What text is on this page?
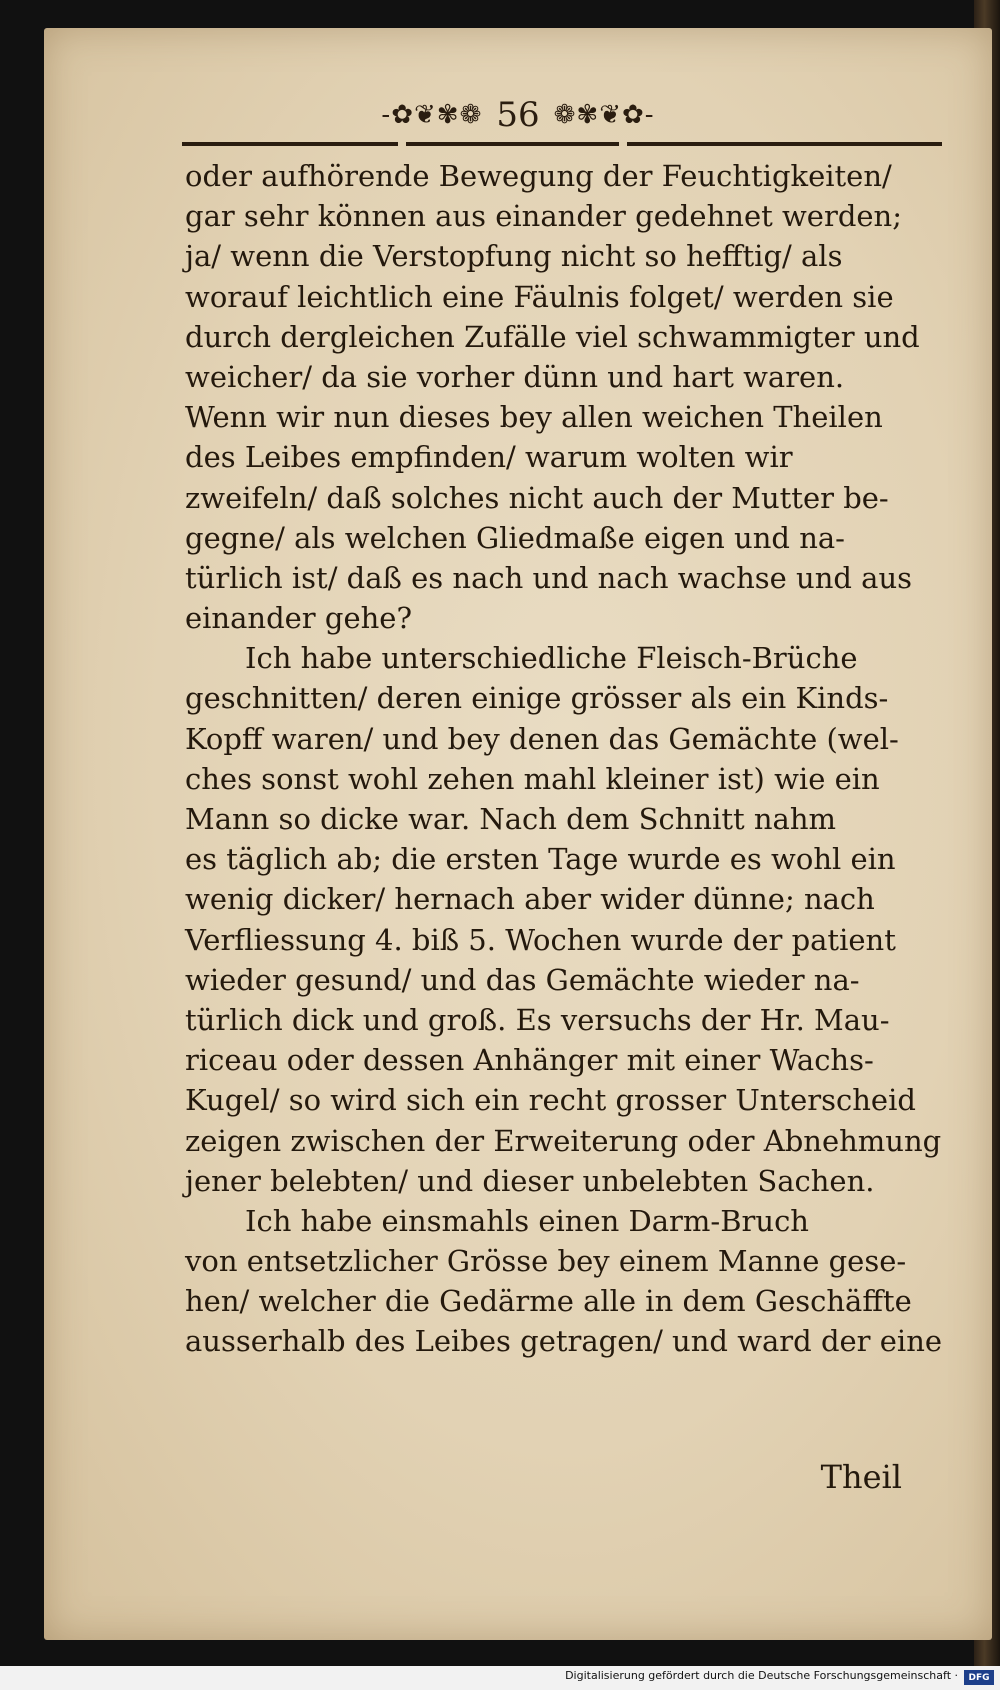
-✿❦✾❁ 56 ❁✾❦✿-
oder aufhörende Bewegung der Feuchtigkeiten/
gar sehr können aus einander gedehnet werden;
ja/ wenn die Verstopfung nicht so hefftig/ als
worauf leichtlich eine Fäulnis folget/ werden sie
durch dergleichen Zufälle viel schwammigter und
weicher/ da sie vorher dünn und hart waren.
Wenn wir nun dieses bey allen weichen Theilen
des Leibes empfinden/ warum wolten wir
zweifeln/ daß solches nicht auch der Mutter be-
gegne/ als welchen Gliedmaße eigen und na-
türlich ist/ daß es nach und nach wachse und aus
einander gehe?
Ich habe unterschiedliche Fleisch-Brüche
geschnitten/ deren einige grösser als ein Kinds-
Kopff waren/ und bey denen das Gemächte (wel-
ches sonst wohl zehen mahl kleiner ist) wie ein
Mann so dicke war. Nach dem Schnitt nahm
es täglich ab; die ersten Tage wurde es wohl ein
wenig dicker/ hernach aber wider dünne; nach
Verfliessung 4. biß 5. Wochen wurde der patient
wieder gesund/ und das Gemächte wieder na-
türlich dick und groß. Es versuchs der Hr. Mau-
riceau oder dessen Anhänger mit einer Wachs-
Kugel/ so wird sich ein recht grosser Unterscheid
zeigen zwischen der Erweiterung oder Abnehmung
jener belebten/ und dieser unbelebten Sachen.
Ich habe einsmahls einen Darm-Bruch
von entsetzlicher Grösse bey einem Manne gese-
hen/ welcher die Gedärme alle in dem Geschäffte
ausserhalb des Leibes getragen/ und ward der eine
Theil
Digitalisierung gefördert durch die Deutsche Forschungsgemeinschaft ·	DFG
